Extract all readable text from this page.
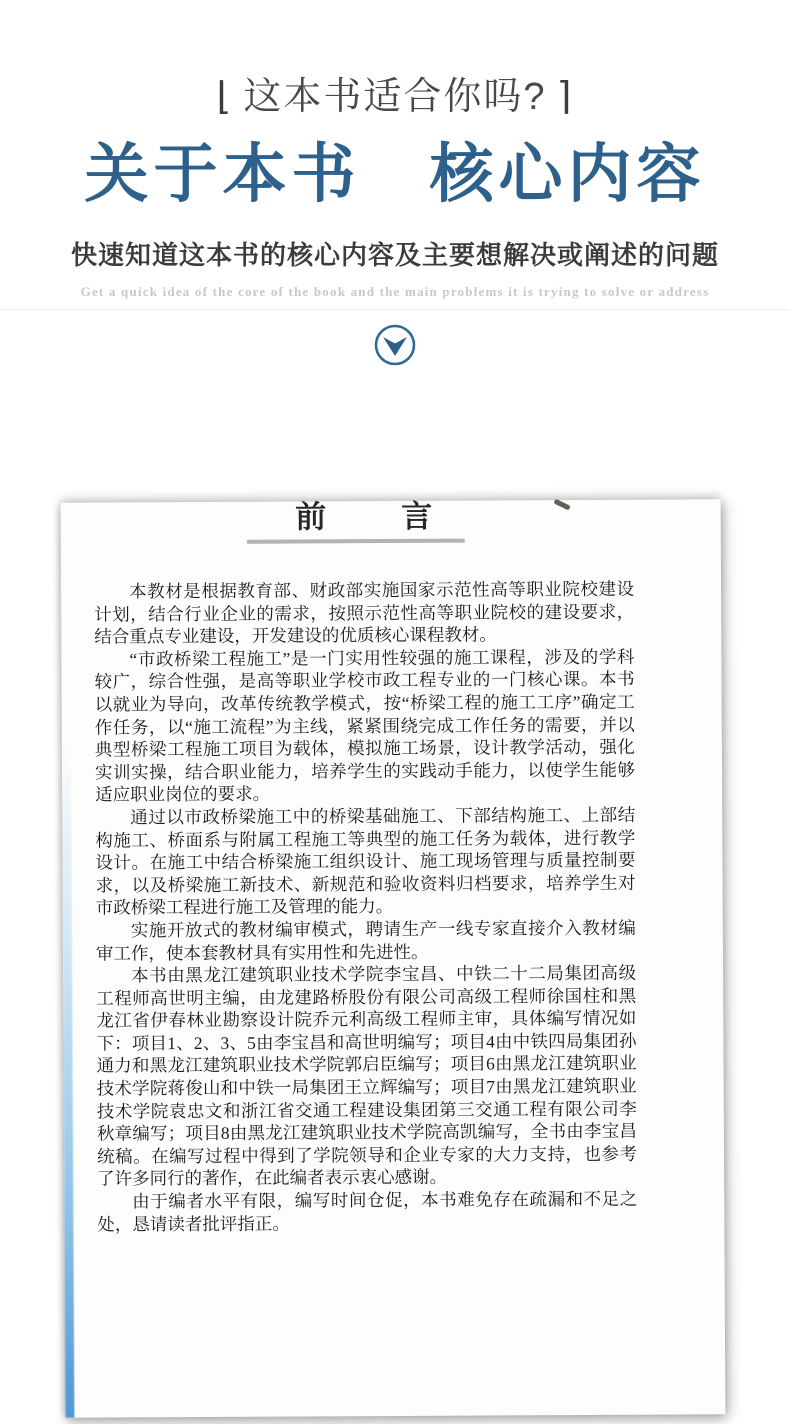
⌊ 这本书适合你吗? ⌉
关于本书　核心内容
快速知道这本书的核心内容及主要想解决或阐述的问题
Get a quick idea of the core of the book and the main problems it is trying to solve or address
前 言

本教材是根据教育部、财政部实施国家示范性高等职业院校建设计划，结合行业企业的需求，按照示范性高等职业院校的建设要求，结合重点专业建设，开发建设的优质核心课程教材。

“市政桥梁工程施工”是一门实用性较强的施工课程，涉及的学科较广，综合性强，是高等职业学校市政工程专业的一门核心课。本书以就业为导向，改革传统教学模式，按“桥梁工程的施工工序”确定工作任务，以“施工流程”为主线，紧紧围绕完成工作任务的需要，并以典型桥梁工程施工项目为载体，模拟施工场景，设计教学活动，强化实训实操，结合职业能力，培养学生的实践动手能力，以使学生能够适应职业岗位的要求。

通过以市政桥梁施工中的桥梁基础施工、下部结构施工、上部结构施工、桥面系与附属工程施工等典型的施工任务为载体，进行教学设计。在施工中结合桥梁施工组织设计、施工现场管理与质量控制要求，以及桥梁施工新技术、新规范和验收资料归档要求，培养学生对市政桥梁工程进行施工及管理的能力。

实施开放式的教材编审模式，聘请生产一线专家直接介入教材编审工作，使本套教材具有实用性和先进性。

本书由黑龙江建筑职业技术学院李宝昌、中铁二十二局集团高级工程师高世明主编，由龙建路桥股份有限公司高级工程师徐国柱和黑龙江省伊春林业勘察设计院乔元利高级工程师主审，具体编写情况如下：项目1、2、3、5由李宝昌和高世明编写；项目4由中铁四局集团孙通力和黑龙江建筑职业技术学院郭启臣编写；项目6由黑龙江建筑职业技术学院蒋俊山和中铁一局集团王立辉编写；项目7由黑龙江建筑职业技术学院袁忠文和浙江省交通工程建设集团第三交通工程有限公司李秋章编写；项目8由黑龙江建筑职业技术学院高凯编写，全书由李宝昌统稿。在编写过程中得到了学院领导和企业专家的大力支持，也参考了许多同行的著作，在此编者表示衷心感谢。

由于编者水平有限，编写时间仓促，本书难免存在疏漏和不足之处，恳请读者批评指正。
